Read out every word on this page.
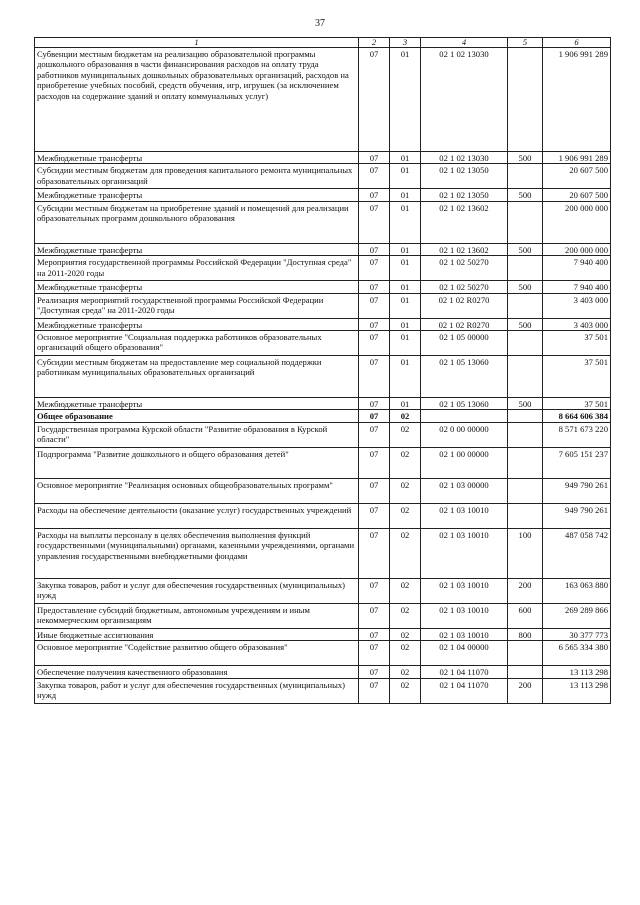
37
1	2	3	4	5	6
Субвенции местным бюджетам на реализацию образовательной программы дошкольного образования в части финансирования расходов на оплату труда работников муниципальных дошкольных образовательных организаций, расходов на приобретение учебных пособий, средств обучения, игр, игрушек (за исключением расходов на содержание зданий и оплату коммунальных услуг)	07	01	02 1 02 13030		1 906 991 289
Межбюджетные трансферты	07	01	02 1 02 13030	500	1 906 991 289
Субсидии местным бюджетам для проведения капитального ремонта муниципальных образовательных организаций	07	01	02 1 02 13050		20 607 500
Межбюджетные трансферты	07	01	02 1 02 13050	500	20 607 500
Субсидии местным бюджетам на приобретение зданий и помещений для реализации образовательных программ дошкольного образования	07	01	02 1 02 13602		200 000 000
Межбюджетные трансферты	07	01	02 1 02 13602	500	200 000 000
Мероприятия государственной программы Российской Федерации "Доступная среда" на 2011-2020 годы	07	01	02 1 02 50270		7 940 400
Межбюджетные трансферты	07	01	02 1 02 50270	500	7 940 400
Реализация мероприятий государственной программы Российской Федерации "Доступная среда" на 2011-2020 годы	07	01	02 1 02 R0270		3 403 000
Межбюджетные трансферты	07	01	02 1 02 R0270	500	3 403 000
Основное мероприятие "Социальная поддержка работников образовательных организаций общего образования"	07	01	02 1 05 00000		37 501
Субсидии местным бюджетам на предоставление мер социальной поддержки работникам муниципальных образовательных организаций	07	01	02 1 05 13060		37 501
Межбюджетные трансферты	07	01	02 1 05 13060	500	37 501
Общее образование	07	02			8 664 606 384
Государственная программа Курской области "Развитие образования в Курской области"	07	02	02 0 00 00000		8 571 673 220
Подпрограмма "Развитие дошкольного и общего образования детей"	07	02	02 1 00 00000		7 605 151 237
Основное мероприятие "Реализация основных общеобразовательных программ"	07	02	02 1 03 00000		949 790 261
Расходы на обеспечение деятельности (оказание услуг) государственных учреждений	07	02	02 1 03 10010		949 790 261
Расходы на выплаты персоналу в целях обеспечения выполнения функций государственными (муниципальными) органами, казенными учреждениями, органами управления государственными внебюджетными фондами	07	02	02 1 03 10010	100	487 058 742
Закупка товаров, работ и услуг для обеспечения государственных (муниципальных) нужд	07	02	02 1 03 10010	200	163 063 880
Предоставление субсидий бюджетным, автономным учреждениям и иным некоммерческим организациям	07	02	02 1 03 10010	600	269 289 866
Иные бюджетные ассигнования	07	02	02 1 03 10010	800	30 377 773
Основное мероприятие "Содействие развитию общего образования"	07	02	02 1 04 00000		6 565 334 380
Обеспечение получения качественного образования	07	02	02 1 04 11070		13 113 298
Закупка товаров, работ и услуг для обеспечения государственных (муниципальных) нужд	07	02	02 1 04 11070	200	13 113 298
